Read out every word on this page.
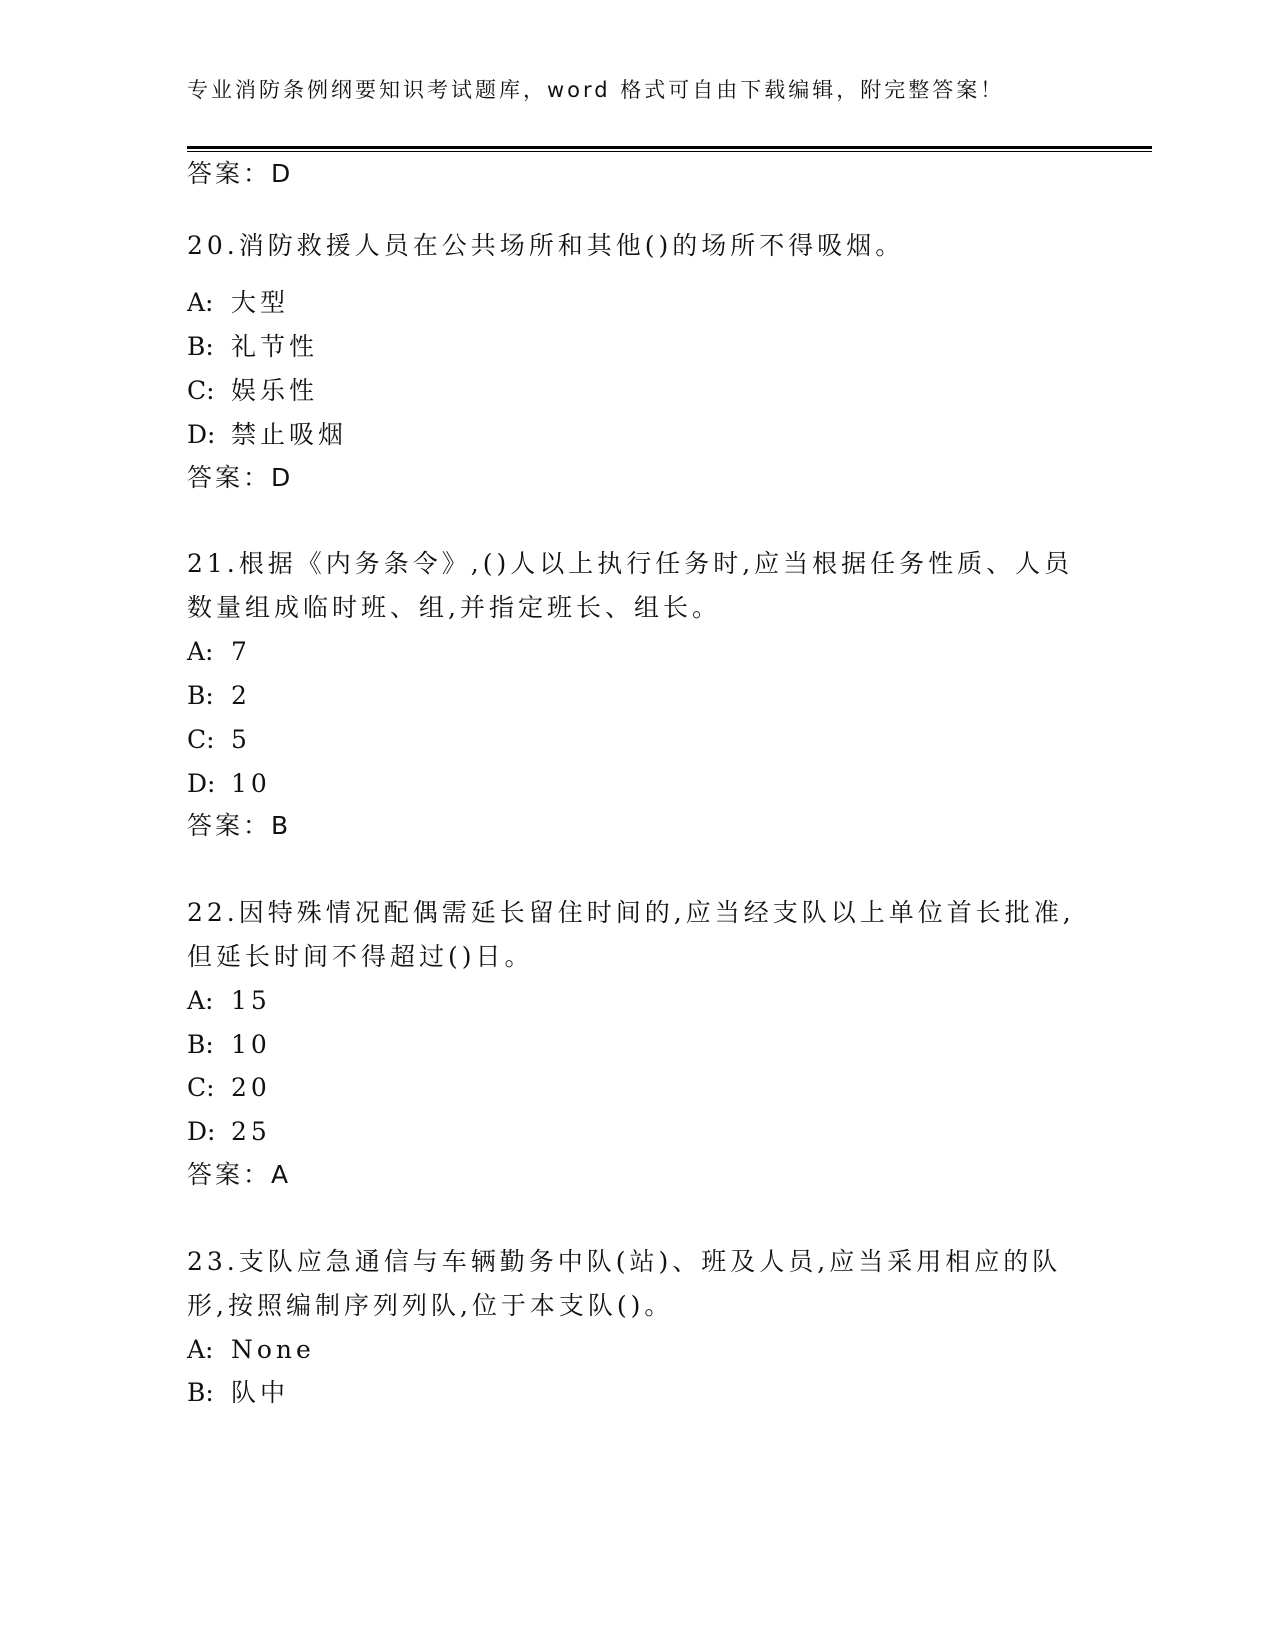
专业消防条例纲要知识考试题库，word 格式可自由下载编辑，附完整答案！
答案：D
20.消防救援人员在公共场所和其他()的场所不得吸烟。
A: 大型
B: 礼节性
C: 娱乐性
D: 禁止吸烟
答案：D
21.根据《内务条令》,()人以上执行任务时,应当根据任务性质、人员
数量组成临时班、组,并指定班长、组长。
A: 7
B: 2
C: 5
D: 10
答案：B
22.因特殊情况配偶需延长留住时间的,应当经支队以上单位首长批准,
但延长时间不得超过()日。
A: 15
B: 10
C: 20
D: 25
答案：A
23.支队应急通信与车辆勤务中队(站)、班及人员,应当采用相应的队
形,按照编制序列列队,位于本支队()。
A: None
B: 队中
